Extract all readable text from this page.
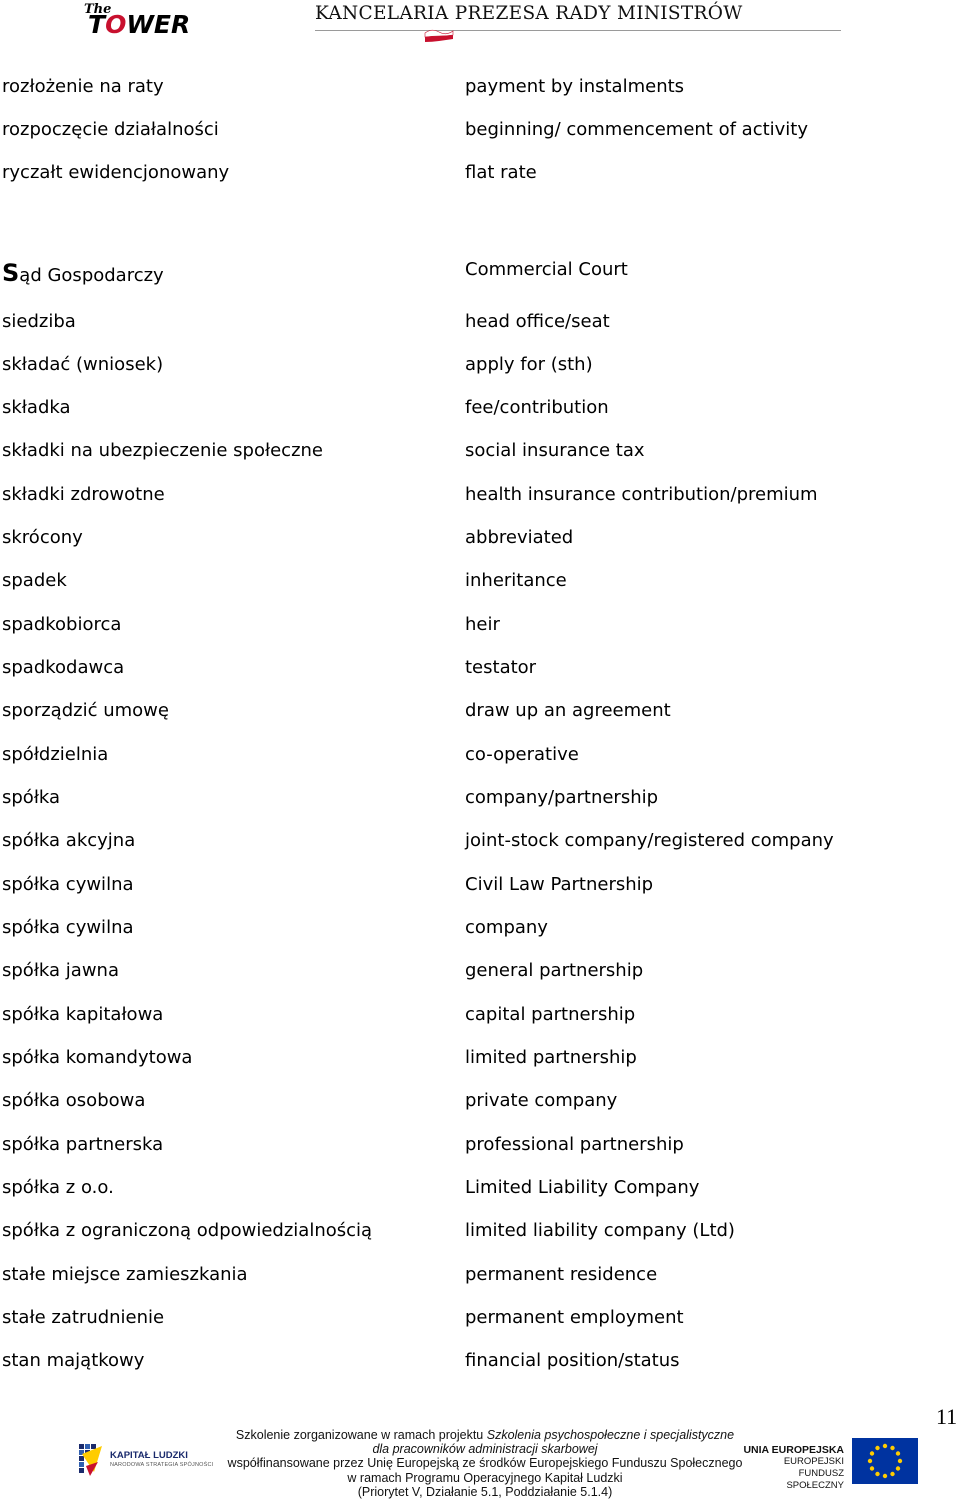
The
TOWER	KANCELARIA PREZESA RADY MINISTRÓW
rozłożenie na raty	payment by instalments
rozpoczęcie działalności	beginning/ commencement of activity
ryczałt ewidencjonowany	flat rate
Sąd Gospodarczy	Commercial Court
siedziba	head office/seat
składać (wniosek)	apply for (sth)
składka	fee/contribution
składki na ubezpieczenie społeczne	social insurance tax
składki zdrowotne	health insurance contribution/premium
skrócony	abbreviated
spadek	inheritance
spadkobiorca	heir
spadkodawca	testator
sporządzić umowę	draw up an agreement
spółdzielnia	co-operative
spółka	company/partnership
spółka akcyjna	joint-stock company/registered company
spółka cywilna	Civil Law Partnership
spółka cywilna	company
spółka jawna	general partnership
spółka kapitałowa	capital partnership
spółka komandytowa	limited partnership
spółka osobowa	private company
spółka partnerska	professional partnership
spółka z o.o.	Limited Liability Company
spółka z ograniczoną odpowiedzialnością	limited liability company (Ltd)
stałe miejsce zamieszkania	permanent residence
stałe zatrudnienie	permanent employment
stan majątkowy	financial position/status
11
KAPITAŁ LUDZKI
NARODOWA STRATEGIA SPÓJNOŚCI
Szkolenie zorganizowane w ramach projektu Szkolenia psychospołeczne i specjalistyczne
dla pracowników administracji skarbowej
współfinansowane przez Unię Europejską ze środków Europejskiego Funduszu Społecznego
w ramach Programu Operacyjnego Kapitał Ludzki
(Priorytet V, Działanie 5.1, Poddziałanie 5.1.4)
UNIA EUROPEJSKA
EUROPEJSKI
FUNDUSZ SPOŁECZNY
